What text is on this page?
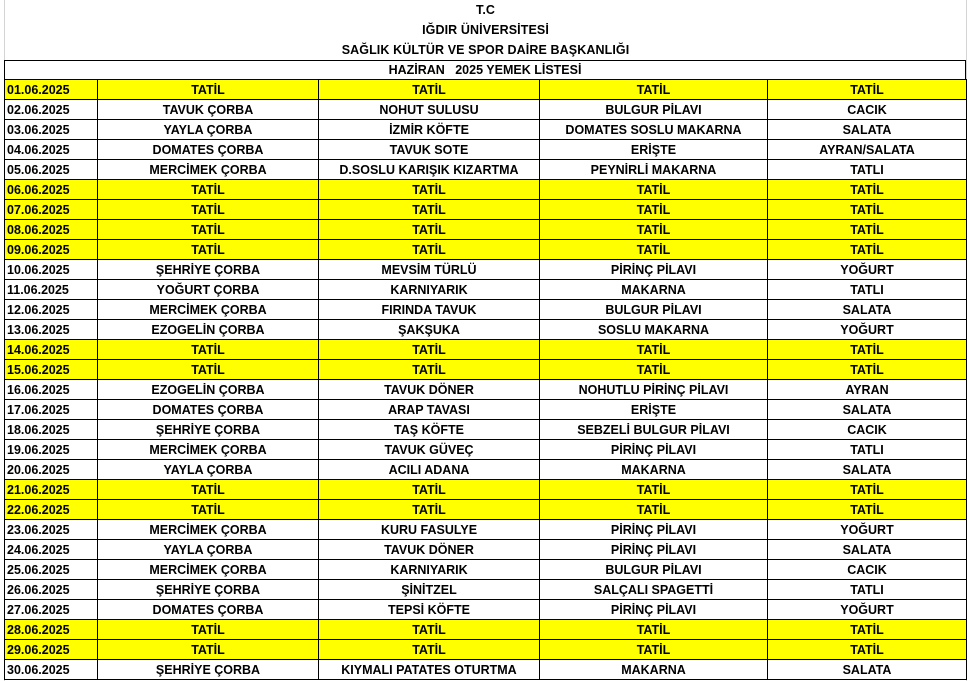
T.C
IĞDIR ÜNİVERSİTESİ
SAĞLIK KÜLTÜR VE SPOR DAİRE BAŞKANLIĞI
HAZİRAN   2025 YEMEK LİSTESİ
01.06.2025	TATİL	TATİL	TATİL	TATİL
02.06.2025	TAVUK ÇORBA	NOHUT SULUSU	BULGUR PİLAVI	CACIK
03.06.2025	YAYLA ÇORBA	İZMİR KÖFTE	DOMATES SOSLU MAKARNA	SALATA
04.06.2025	DOMATES ÇORBA	TAVUK SOTE	ERİŞTE	AYRAN/SALATA
05.06.2025	MERCİMEK ÇORBA	D.SOSLU KARIŞIK KIZARTMA	PEYNİRLİ MAKARNA	TATLI
06.06.2025	TATİL	TATİL	TATİL	TATİL
07.06.2025	TATİL	TATİL	TATİL	TATİL
08.06.2025	TATİL	TATİL	TATİL	TATİL
09.06.2025	TATİL	TATİL	TATİL	TATİL
10.06.2025	ŞEHRİYE ÇORBA	MEVSİM TÜRLÜ	PİRİNÇ PİLAVI	YOĞURT
11.06.2025	YOĞURT ÇORBA	KARNIYARIK	MAKARNA	TATLI
12.06.2025	MERCİMEK ÇORBA	FIRINDA TAVUK	BULGUR PİLAVI	SALATA
13.06.2025	EZOGELİN ÇORBA	ŞAKŞUKA	SOSLU MAKARNA	YOĞURT
14.06.2025	TATİL	TATİL	TATİL	TATİL
15.06.2025	TATİL	TATİL	TATİL	TATİL
16.06.2025	EZOGELİN ÇORBA	TAVUK DÖNER	NOHUTLU PİRİNÇ PİLAVI	AYRAN
17.06.2025	DOMATES ÇORBA	ARAP TAVASI	ERİŞTE	SALATA
18.06.2025	ŞEHRİYE ÇORBA	TAŞ KÖFTE	SEBZELİ BULGUR PİLAVI	CACIK
19.06.2025	MERCİMEK ÇORBA	TAVUK GÜVEÇ	PİRİNÇ PİLAVI	TATLI
20.06.2025	YAYLA ÇORBA	ACILI ADANA	MAKARNA	SALATA
21.06.2025	TATİL	TATİL	TATİL	TATİL
22.06.2025	TATİL	TATİL	TATİL	TATİL
23.06.2025	MERCİMEK ÇORBA	KURU FASULYE	PİRİNÇ PİLAVI	YOĞURT
24.06.2025	YAYLA ÇORBA	TAVUK DÖNER	PİRİNÇ PİLAVI	SALATA
25.06.2025	MERCİMEK ÇORBA	KARNIYARIK	BULGUR PİLAVI	CACIK
26.06.2025	ŞEHRİYE ÇORBA	ŞİNİTZEL	SALÇALI SPAGETTİ	TATLI
27.06.2025	DOMATES ÇORBA	TEPSİ KÖFTE	PİRİNÇ PİLAVI	YOĞURT
28.06.2025	TATİL	TATİL	TATİL	TATİL
29.06.2025	TATİL	TATİL	TATİL	TATİL
30.06.2025	ŞEHRİYE ÇORBA	KIYMALI PATATES OTURTMA	MAKARNA	SALATA
